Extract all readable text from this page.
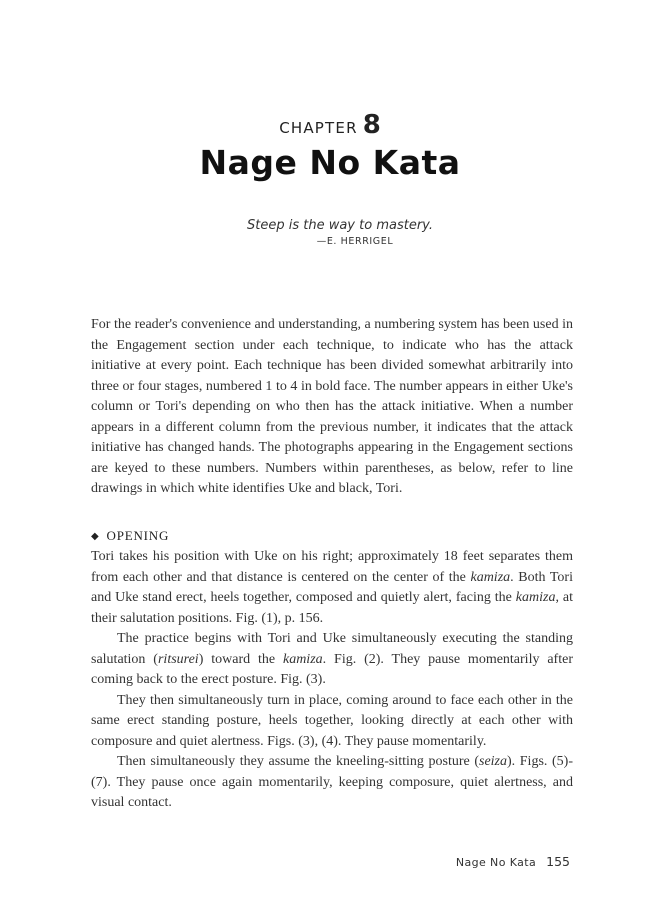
CHAPTER 8
Nage No Kata
Steep is the way to mastery.
—E. HERRIGEL

For the reader's convenience and understanding, a numbering system has been used in the Engagement section under each technique, to indicate who has the attack initiative at every point. Each technique has been divided somewhat arbitrarily into three or four stages, numbered 1 to 4 in bold face. The number appears in either Uke's column or Tori's depending on who then has the attack initiative. When a number appears in a different column from the previous number, it indicates that the attack initiative has changed hands. The photographs appearing in the Engagement sections are keyed to these numbers. Numbers within parentheses, as below, refer to line drawings in which white identifies Uke and black, Tori.

◆ OPENING

Tori takes his position with Uke on his right; approximately 18 feet separates them from each other and that distance is centered on the center of the kamiza. Both Tori and Uke stand erect, heels together, composed and quietly alert, facing the kamiza, at their salutation positions. Fig. (1), p. 156.

The practice begins with Tori and Uke simultaneously executing the standing salutation (ritsurei) toward the kamiza. Fig. (2). They pause momentarily after coming back to the erect posture. Fig. (3).

They then simultaneously turn in place, coming around to face each other in the same erect standing posture, heels together, looking directly at each other with composure and quiet alertness. Figs. (3), (4). They pause momentarily.

Then simultaneously they assume the kneeling-sitting posture (seiza). Figs. (5)-(7). They pause once again momentarily, keeping composure, quiet alertness, and visual contact.

Nage No Kata 155
